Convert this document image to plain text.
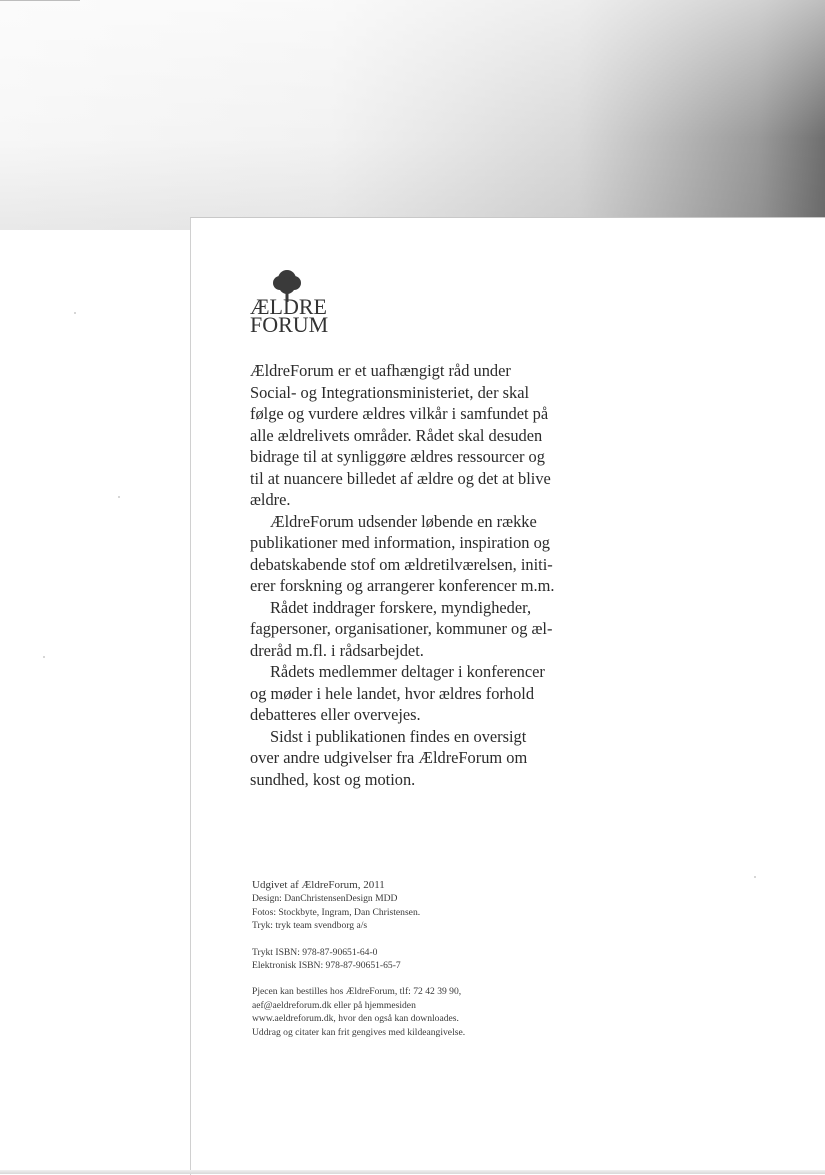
ÆLDRE
FORUM

ÆldreForum er et uafhængigt råd under Social- og Integrationsministeriet, der skal følge og vurdere ældres vilkår i samfundet på alle ældrelivets områder. Rådet skal desuden bidrage til at synliggøre ældres ressourcer og til at nuancere billedet af ældre og det at blive ældre.

ÆldreForum udsender løbende en række publikationer med information, inspiration og debatskabende stof om ældretilværelsen, initierer forskning og arrangerer konferencer m.m.

Rådet inddrager forskere, myndigheder, fagpersoner, organisationer, kommuner og ældreråd m.fl. i rådsarbejdet.

Rådets medlemmer deltager i konferencer og møder i hele landet, hvor ældres forhold debatteres eller overvejes.

Sidst i publikationen findes en oversigt over andre udgivelser fra ÆldreForum om sundhed, kost og motion.

Udgivet af ÆldreForum, 2011
Design: DanChristensenDesign MDD
Fotos: Stockbyte, Ingram, Dan Christensen.
Tryk: tryk team svendborg a/s
Trykt ISBN: 978-87-90651-64-0
Elektronisk ISBN: 978-87-90651-65-7
Pjecen kan bestilles hos ÆldreForum, tlf: 72 42 39 90,
aef@aeldreforum.dk eller på hjemmesiden
www.aeldreforum.dk, hvor den også kan downloades.
Uddrag og citater kan frit gengives med kildeangivelse.
